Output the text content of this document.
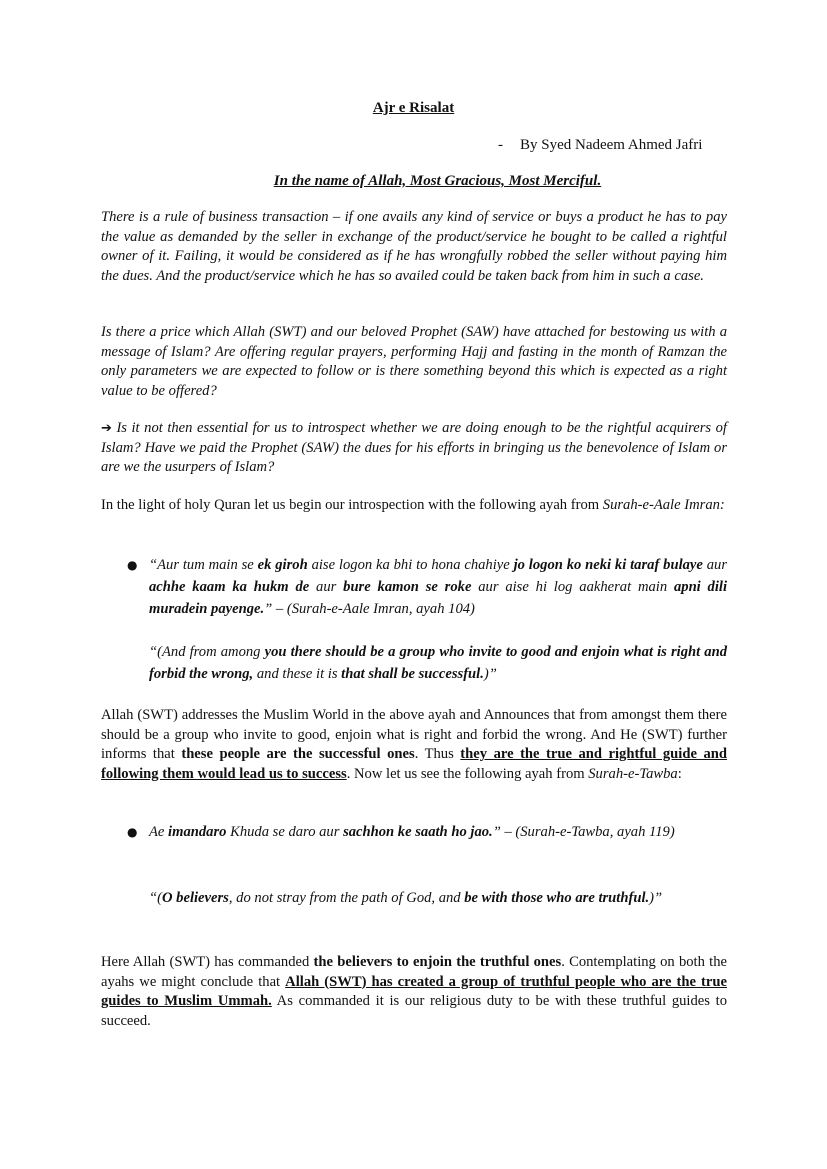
Ajr e Risalat
- By Syed Nadeem Ahmed Jafri
In the name of Allah, Most Gracious, Most Merciful.

There is a rule of business transaction – if one avails any kind of service or buys a product he has to pay the value as demanded by the seller in exchange of the product/service he bought to be called a rightful owner of it. Failing, it would be considered as if he has wrongfully robbed the seller without paying him the dues. And the product/service which he has so availed could be taken back from him in such a case.

Is there a price which Allah (SWT) and our beloved Prophet (SAW) have attached for bestowing us with a message of Islam? Are offering regular prayers, performing Hajj and fasting in the month of Ramzan the only parameters we are expected to follow or is there something beyond this which is expected as a right value to be offered?

➔ Is it not then essential for us to introspect whether we are doing enough to be the rightful acquirers of Islam? Have we paid the Prophet (SAW) the dues for his efforts in bringing us the benevolence of Islam or are we the usurpers of Islam?

In the light of holy Quran let us begin our introspection with the following ayah from Surah-e-Aale Imran:

● “Aur tum main se ek giroh aise logon ka bhi to hona chahiye jo logon ko neki ki taraf bulaye aur achhe kaam ka hukm de aur bure kamon se roke aur aise hi log aakherat main apni dili muradein payenge.” – (Surah-e-Aale Imran, ayah 104)

“(And from among you there should be a group who invite to good and enjoin what is right and forbid the wrong, and these it is that shall be successful.)”

Allah (SWT) addresses the Muslim World in the above ayah and Announces that from amongst them there should be a group who invite to good, enjoin what is right and forbid the wrong. And He (SWT) further informs that these people are the successful ones. Thus they are the true and rightful guide and following them would lead us to success. Now let us see the following ayah from Surah-e-Tawba:

● Ae imandaro Khuda se daro aur sachhon ke saath ho jao.” – (Surah-e-Tawba, ayah 119)

“(O believers, do not stray from the path of God, and be with those who are truthful.)”

Here Allah (SWT) has commanded the believers to enjoin the truthful ones. Contemplating on both the ayahs we might conclude that Allah (SWT) has created a group of truthful people who are the true guides to Muslim Ummah. As commanded it is our religious duty to be with these truthful guides to succeed.
